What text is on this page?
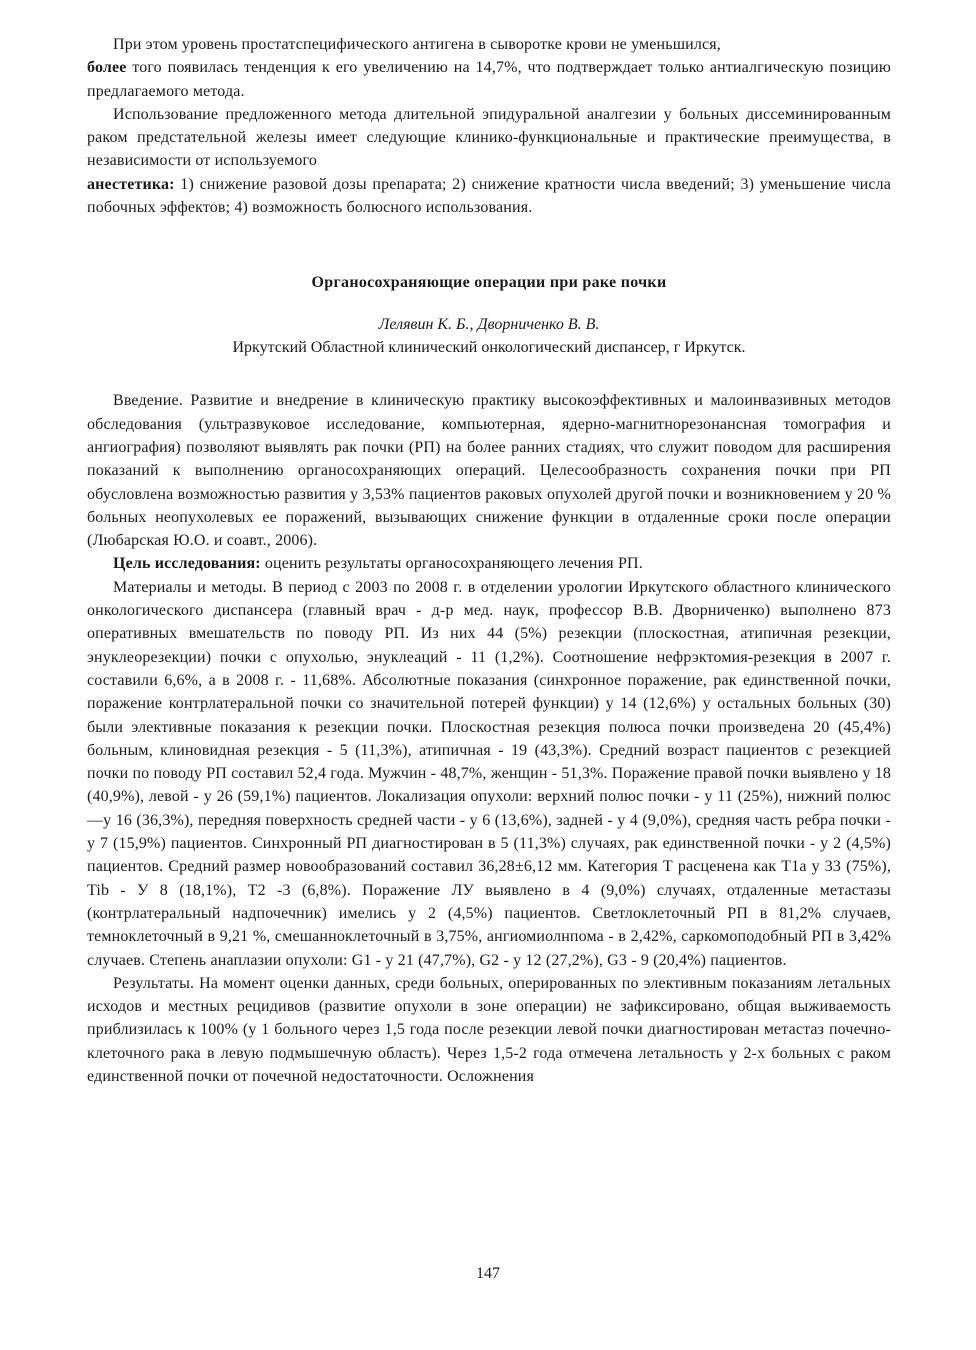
При этом уровень простатспецифического антигена в сыворотке крови не уменьшился,
более того появилась тенденция к его увеличению на 14,7%, что подтверждает только антиалгическую позицию предлагаемого метода.

Использование предложенного метода длительной эпидуральной аналгезии у больных диссеминированным раком предстательной железы имеет следующие клинико-функциональные и практические преимущества, в независимости от используемого
анестетика: 1) снижение разовой дозы препарата; 2) снижение кратности числа введений; 3) уменьшение числа побочных эффектов; 4) возможность болюсного использования.

Органосохраняющие операции при раке почки
Лелявин К. Б., Дворниченко В. В.
Иркутский Областной клинический онкологический диспансер, г Иркутск.

Введение. Развитие и внедрение в клиническую практику высокоэффективных и малоинвазивных методов обследования (ультразвуковое исследование, компьютерная, ядерно-магнитнорезонансная томография и ангиография) позволяют выявлять рак почки (РП) на более ранних стадиях, что служит поводом для расширения показаний к выполнению органосохраняющих операций. Целесообразность сохранения почки при РП обусловлена возможностью развития у 3,53% пациентов раковых опухолей другой почки и возникновением у 20 % больных неопухолевых ее поражений, вызывающих снижение функции в отдаленные сроки после операции (Любарская Ю.О. и соавт., 2006).

Цель исследования: оценить результаты органосохраняющего лечения РП.

Материалы и методы. В период с 2003 по 2008 г. в отделении урологии Иркутского областного клинического онкологического диспансера (главный врач - д-р мед. наук, профессор В.В. Дворниченко) выполнено 873 оперативных вмешательств по поводу РП. Из них 44 (5%) резекции (плоскостная, атипичная резекции, энуклеорезекции) почки с опухолью, энуклеаций - 11 (1,2%). Соотношение нефрэктомия-резекция в 2007 г. составили 6,6%, а в 2008 г. - 11,68%. Абсолютные показания (синхронное поражение, рак единственной почки, поражение контрлатеральной почки со значительной потерей функции) у 14 (12,6%) у остальных больных (30) были элективные показания к резекции почки. Плоскостная резекция полюса почки произведена 20 (45,4%) больным, клиновидная резекция - 5 (11,3%), атипичная - 19 (43,3%). Средний возраст пациентов с резекцией почки по поводу РП составил 52,4 года. Мужчин - 48,7%, женщин - 51,3%. Поражение правой почки выявлено у 18 (40,9%), левой - у 26 (59,1%) пациентов. Локализация опухоли: верхний полюс почки - у 11 (25%), нижний полюс —у 16 (36,3%), передняя поверхность средней части - у 6 (13,6%), задней - у 4 (9,0%), средняя часть ребра почки - у 7 (15,9%) пациентов. Синхронный РП диагностирован в 5 (11,3%) случаях, рак единственной почки - у 2 (4,5%) пациентов. Средний размер новообразований составил 36,28±6,12 мм. Категория Т расценена как T1a у 33 (75%), Tib - У 8 (18,1%), Т2 -3 (6,8%). Поражение ЛУ выявлено в 4 (9,0%) случаях, отдаленные метастазы (контрлатеральный надпочечник) имелись у 2 (4,5%) пациентов. Светлоклеточный РП в 81,2% случаев, темноклеточный в 9,21 %, смешанноклеточный в 3,75%, ангиомиолнпома - в 2,42%, саркомоподобный РП в 3,42% случаев. Степень анаплазии опухоли: G1 - у 21 (47,7%), G2 - у 12 (27,2%), G3 - 9 (20,4%) пациентов.

Результаты. На момент оценки данных, среди больных, оперированных по элективным показаниям летальных исходов и местных рецидивов (развитие опухоли в зоне операции) не зафиксировано, общая выживаемость приблизилась к 100% (у 1 больного через 1,5 года после резекции левой почки диагностирован метастаз почечно-клеточного рака в левую подмышечную область). Через 1,5-2 года отмечена летальность у 2-х больных с раком единственной почки от почечной недостаточности. Осложнения

147
